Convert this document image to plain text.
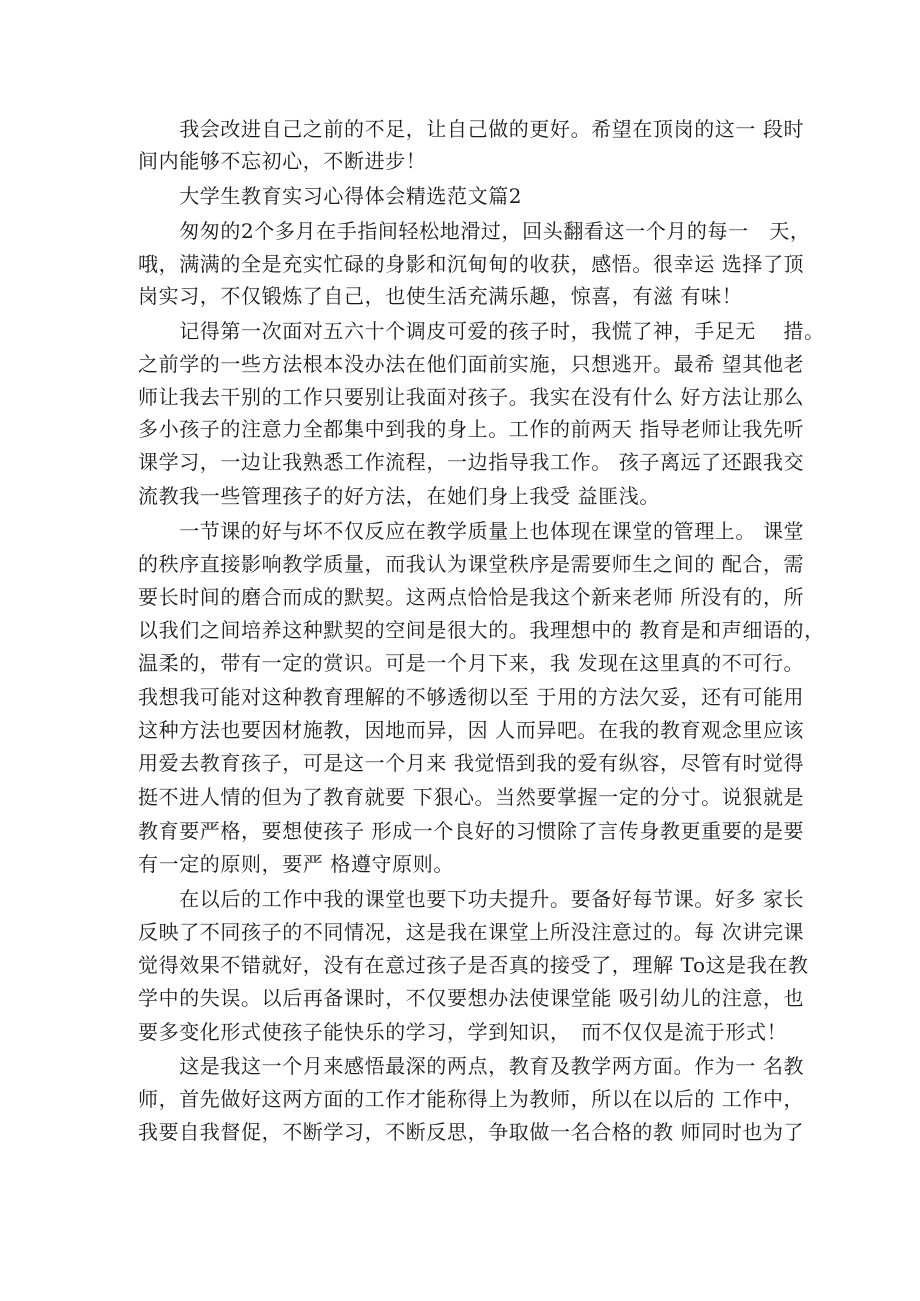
　　我会改进自己之前的不足，让自己做的更好。希望在顶岗的这一 段时
间内能够不忘初心，不断进步！
　　大学生教育实习心得体会精选范文篇2
　　匆匆的2个多月在手指间轻松地滑过，回头翻看这一个月的每一　天，
哦，满满的全是充实忙碌的身影和沉甸甸的收获，感悟。很幸运 选择了顶
岗实习，不仅锻炼了自己，也使生活充满乐趣，惊喜，有滋 有味！
　　记得第一次面对五六十个调皮可爱的孩子时，我慌了神，手足无　 措。
之前学的一些方法根本没办法在他们面前实施，只想逃开。最希 望其他老
师让我去干别的工作只要别让我面对孩子。我实在没有什么 好方法让那么
多小孩子的注意力全都集中到我的身上。工作的前两天 指导老师让我先听
课学习，一边让我熟悉工作流程，一边指导我工作。 孩子离远了还跟我交
流教我一些管理孩子的好方法，在她们身上我受 益匪浅。
　　一节课的好与坏不仅反应在教学质量上也体现在课堂的管理上。 课堂
的秩序直接影响教学质量，而我认为课堂秩序是需要师生之间的 配合，需
要长时间的磨合而成的默契。这两点恰恰是我这个新来老师 所没有的，所
以我们之间培养这种默契的空间是很大的。我理想中的 教育是和声细语的，
温柔的，带有一定的赏识。可是一个月下来，我 发现在这里真的不可行。
我想我可能对这种教育理解的不够透彻以至 于用的方法欠妥，还有可能用
这种方法也要因材施教，因地而异，因 人而异吧。在我的教育观念里应该
用爱去教育孩子，可是这一个月来 我觉悟到我的爱有纵容，尽管有时觉得
挺不进人情的但为了教育就要 下狠心。当然要掌握一定的分寸。说狠就是
教育要严格，要想使孩子 形成一个良好的习惯除了言传身教更重要的是要
有一定的原则，要严 格遵守原则。
　　在以后的工作中我的课堂也要下功夫提升。要备好每节课。好多 家长
反映了不同孩子的不同情况，这是我在课堂上所没注意过的。每 次讲完课
觉得效果不错就好，没有在意过孩子是否真的接受了，理解 To这是我在教
学中的失误。以后再备课时，不仅要想办法使课堂能 吸引幼儿的注意，也
要多变化形式使孩子能快乐的学习，学到知识，　而不仅仅是流于形式！
　　这是我这一个月来感悟最深的两点，教育及教学两方面。作为一 名教
师，首先做好这两方面的工作才能称得上为教师，所以在以后的 工作中，
我要自我督促，不断学习，不断反思，争取做一名合格的教 师同时也为了
